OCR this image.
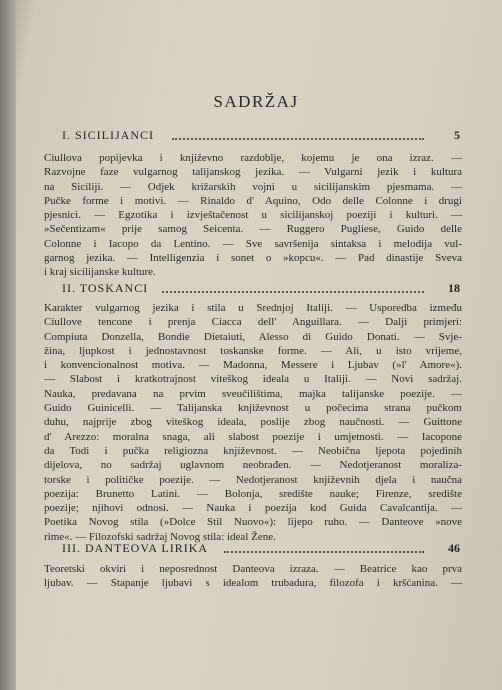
SADRŽAJ
I. SICILIJANCI	5
Ciullova popijevka i književno razdoblje, kojemu je ona izraz. —
Razvojne faze vulgarnog talijanskog jezika. — Vulgarni jezik i kultura
na Siciliji. — Odjek križarskih vojni u sicilijanskim pjesmama. —
Pučke forme i motivi. — Rinaldo d' Aquino, Odo delle Colonne i drugi
pjesnici. — Egzotika i izvještačenost u sicilijanskoj poeziji i kulturi. —
»Sečentizam« prije samog Seicenta. — Ruggero Pugliese, Guido delle
Colonne i Iacopo da Lentino. — Sve savršenija sintaksa i melodija vul-
garnog jezika. — Intelligenzia i sonet o »kopcu«. — Pad dinastije Sveva
i kraj sicilijanske kulture.
II. TOSKANCI	18
Karakter vulgarnog jezika i stila u Srednjoj Italiji. — Usporedba između
Ciullove tencone i prenja Ciacca dell' Anguillara. — Dalji primjeri:
Compiuta Donzella, Bondie Dietaiuti, Alesso di Guido Donati. — Svje-
žina, ljupkost i jednostavnost toskanske forme. — Ali, u isto vrijeme,
i konvencionalnost motiva. — Madonna, Messere i Ljubav (»l' Amore«).
— Slabost i kratkotrajnost viteškog ideala u Italiji. — Novi sadržaj.
Nauka, predavana na prvim sveučilištima, majka talijanske poezije. —
Guido Guinicelli. — Talijanska književnost u počecima strana pučkom
duhu, najprije zbog viteškog ideala, poslije zbog naučnosti. — Guittone
d' Arezzo: moralna snaga, ali slabost poezije i umjetnosti. — Iacopone
da Todi i pučka religiozna književnost. — Neobična ljepota pojedinih
dijelova, no sadržaj uglavnom neobrađen. — Nedotjeranost moraliza-
torske i političke poezije. — Nedotjeranost književnih djela i naučna
poezija: Brunetto Latini. — Bolonja, središte nauke; Firenze, središte
poezije; njihovi odnosi. — Nauka i poezija kod Guida Cavalcantija. —
Poetika Novog stila (»Dolce Stil Nuovo«): lijepo ruho. — Danteove »nove
rime«. — Filozofski sadržaj Novog stila: ideal Žene.
III. DANTEOVA LIRIKA	46
Teoretski okviri i neposrednost Danteova izraza. — Beatrice kao prva
ljubav. — Stapanje ljubavi s idealom trubadura, filozofa i kršćanina. —
